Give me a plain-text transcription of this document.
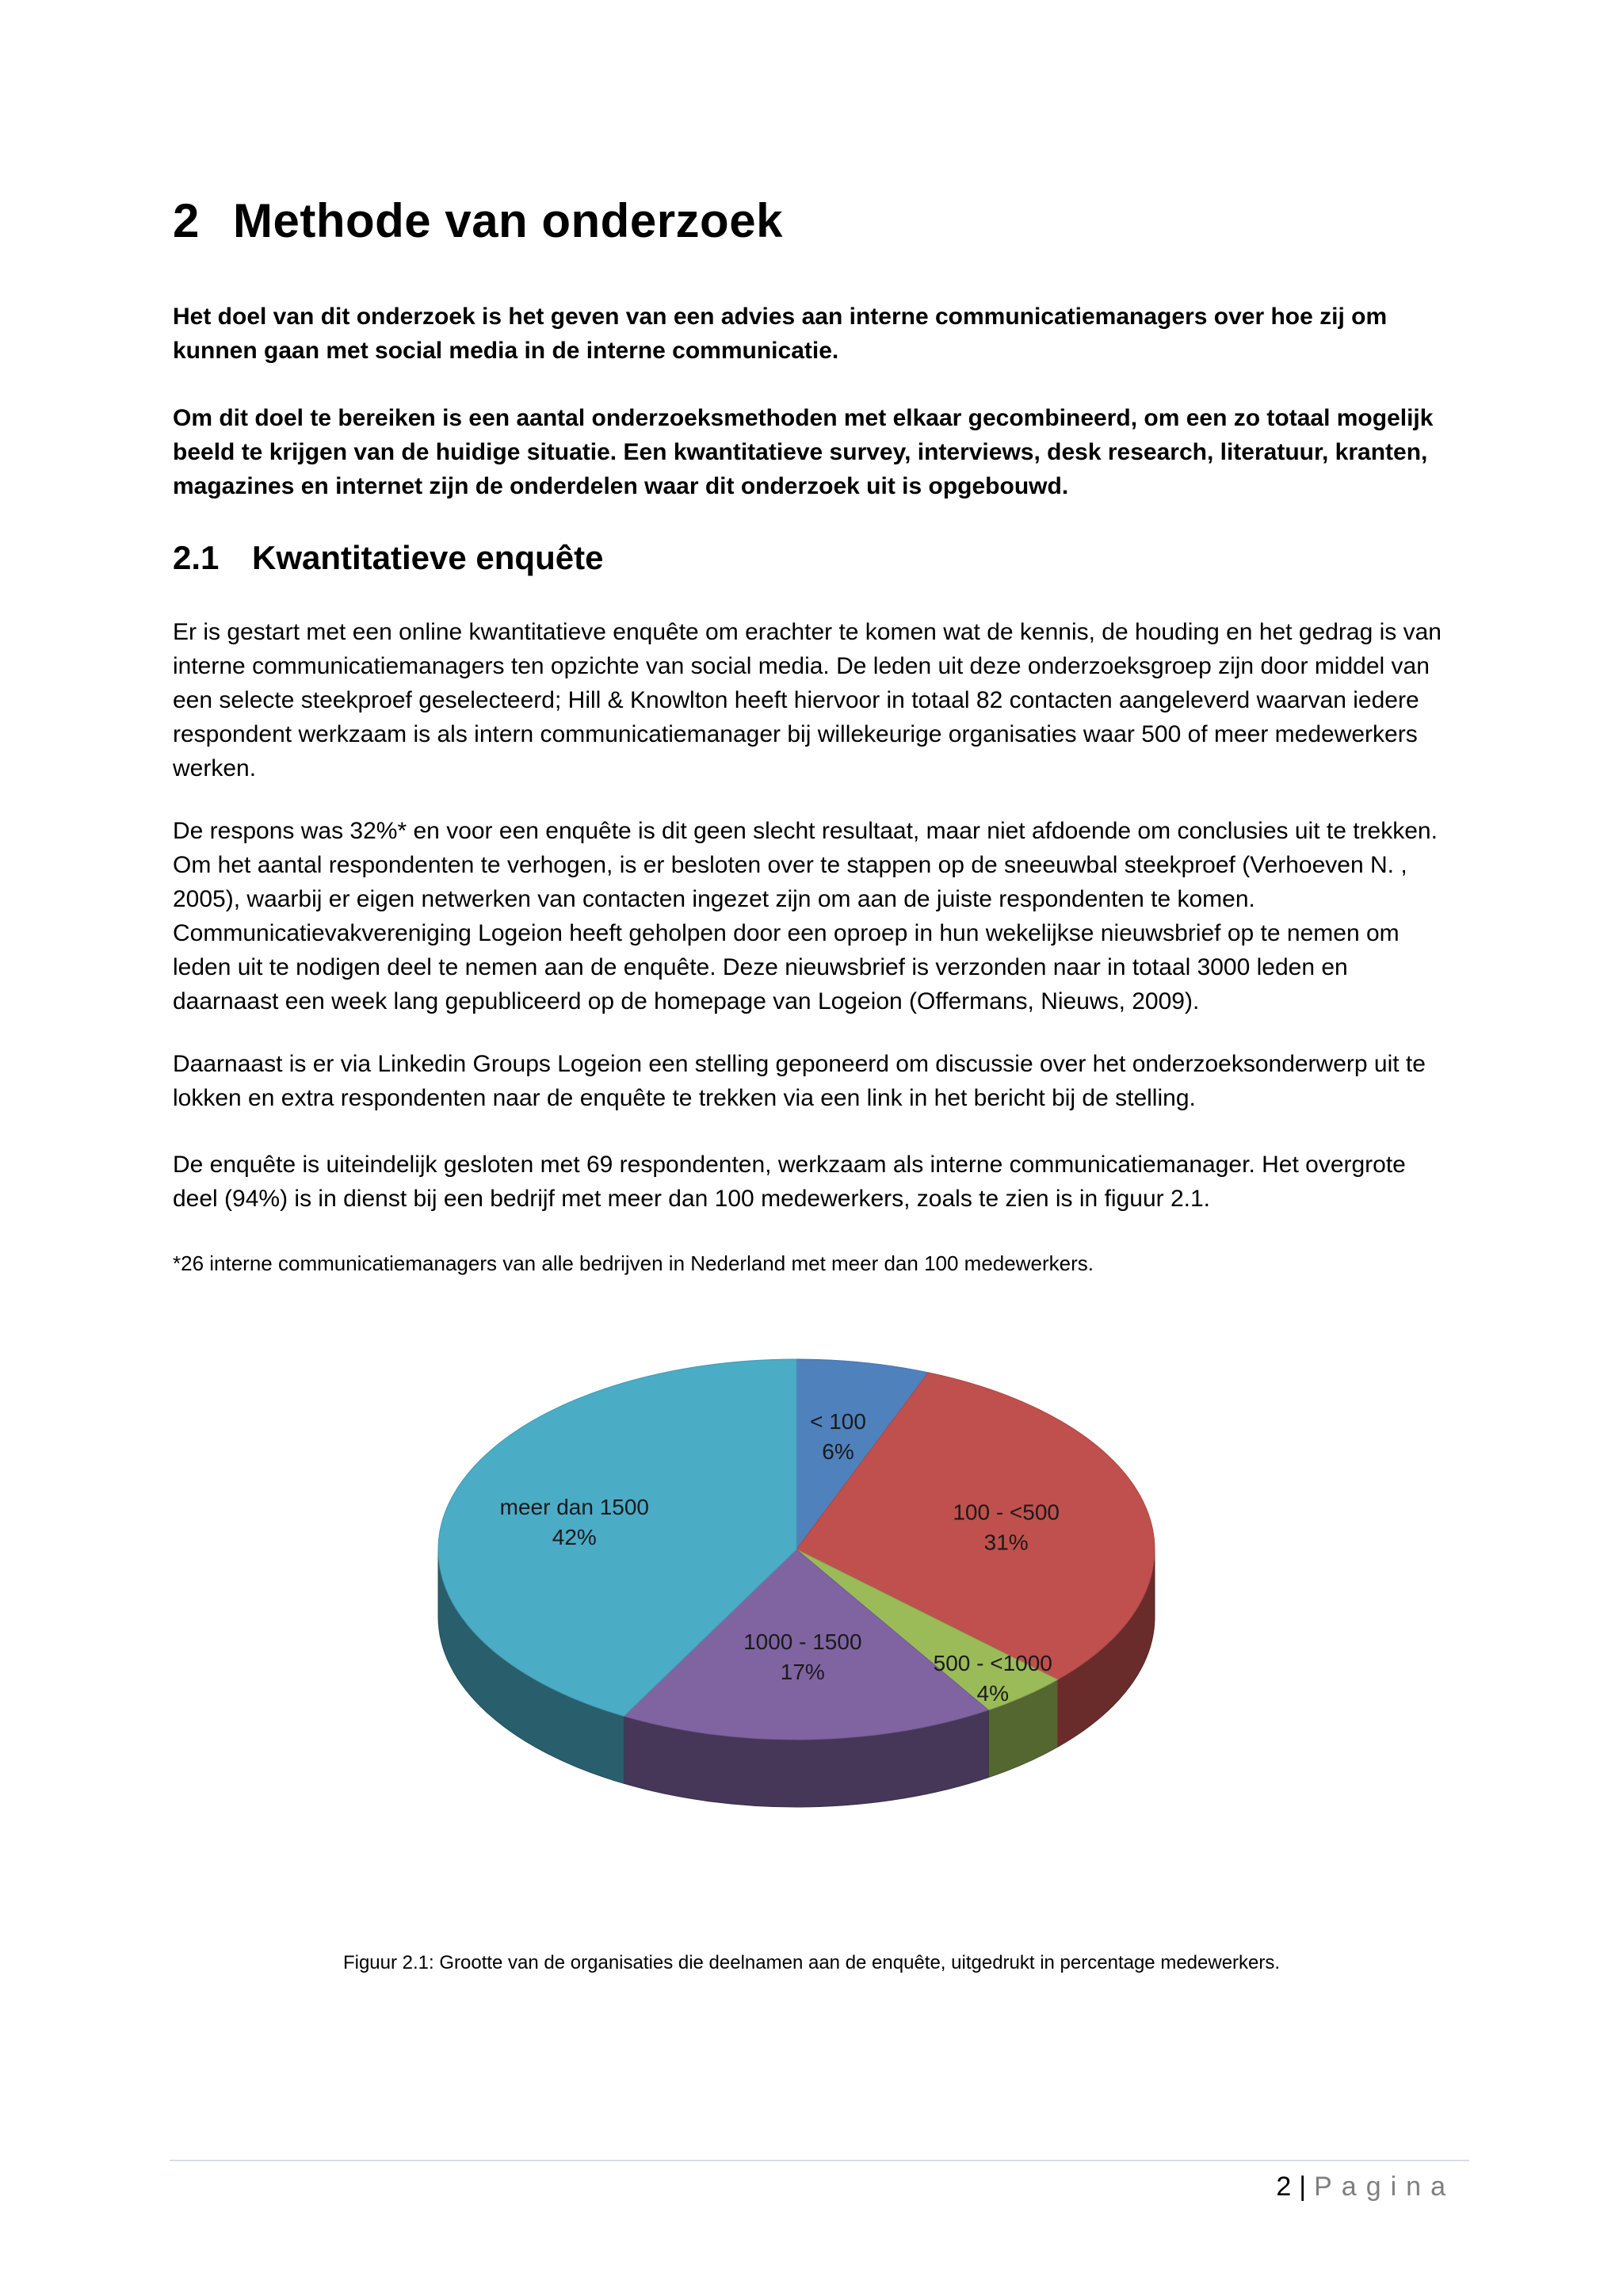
2 Methode van onderzoek

Het doel van dit onderzoek is het geven van een advies aan interne communicatiemanagers over hoe zij om kunnen gaan met social media in de interne communicatie.

Om dit doel te bereiken is een aantal onderzoeksmethoden met elkaar gecombineerd, om een zo totaal mogelijk beeld te krijgen van de huidige situatie. Een kwantitatieve survey, interviews, desk research, literatuur, kranten, magazines en internet zijn de onderdelen waar dit onderzoek uit is opgebouwd.

2.1 Kwantitatieve enquête

Er is gestart met een online kwantitatieve enquête om erachter te komen wat de kennis, de houding en het gedrag is van interne communicatiemanagers ten opzichte van social media. De leden uit deze onderzoeksgroep zijn door middel van een selecte steekproef geselecteerd; Hill & Knowlton heeft hiervoor in totaal 82 contacten aangeleverd waarvan iedere respondent werkzaam is als intern communicatiemanager bij willekeurige organisaties waar 500 of meer medewerkers werken.

De respons was 32%* en voor een enquête is dit geen slecht resultaat, maar niet afdoende om conclusies uit te trekken. Om het aantal respondenten te verhogen, is er besloten over te stappen op de sneeuwbal steekproef (Verhoeven N. , 2005), waarbij er eigen netwerken van contacten ingezet zijn om aan de juiste respondenten te komen. Communicatievakvereniging Logeion heeft geholpen door een oproep in hun wekelijkse nieuwsbrief op te nemen om leden uit te nodigen deel te nemen aan de enquête. Deze nieuwsbrief is verzonden naar in totaal 3000 leden en daarnaast een week lang gepubliceerd op de homepage van Logeion (Offermans, Nieuws, 2009).

Daarnaast is er via Linkedin Groups Logeion een stelling geponeerd om discussie over het onderzoeksonderwerp uit te lokken en extra respondenten naar de enquête te trekken via een link in het bericht bij de stelling.

De enquête is uiteindelijk gesloten met 69 respondenten, werkzaam als interne communicatiemanager. Het overgrote deel (94%) is in dienst bij een bedrijf met meer dan 100 medewerkers, zoals te zien is in figuur 2.1.

*26 interne communicatiemanagers van alle bedrijven in Nederland met meer dan 100 medewerkers.
< 100
6%
100 - <500
31%
500 - <1000
4%
1000 - 1500
17%
meer dan 1500
42%
Figuur 2.1: Grootte van de organisaties die deelnamen aan de enquête, uitgedrukt in percentage medewerkers.
2 | Pagina
